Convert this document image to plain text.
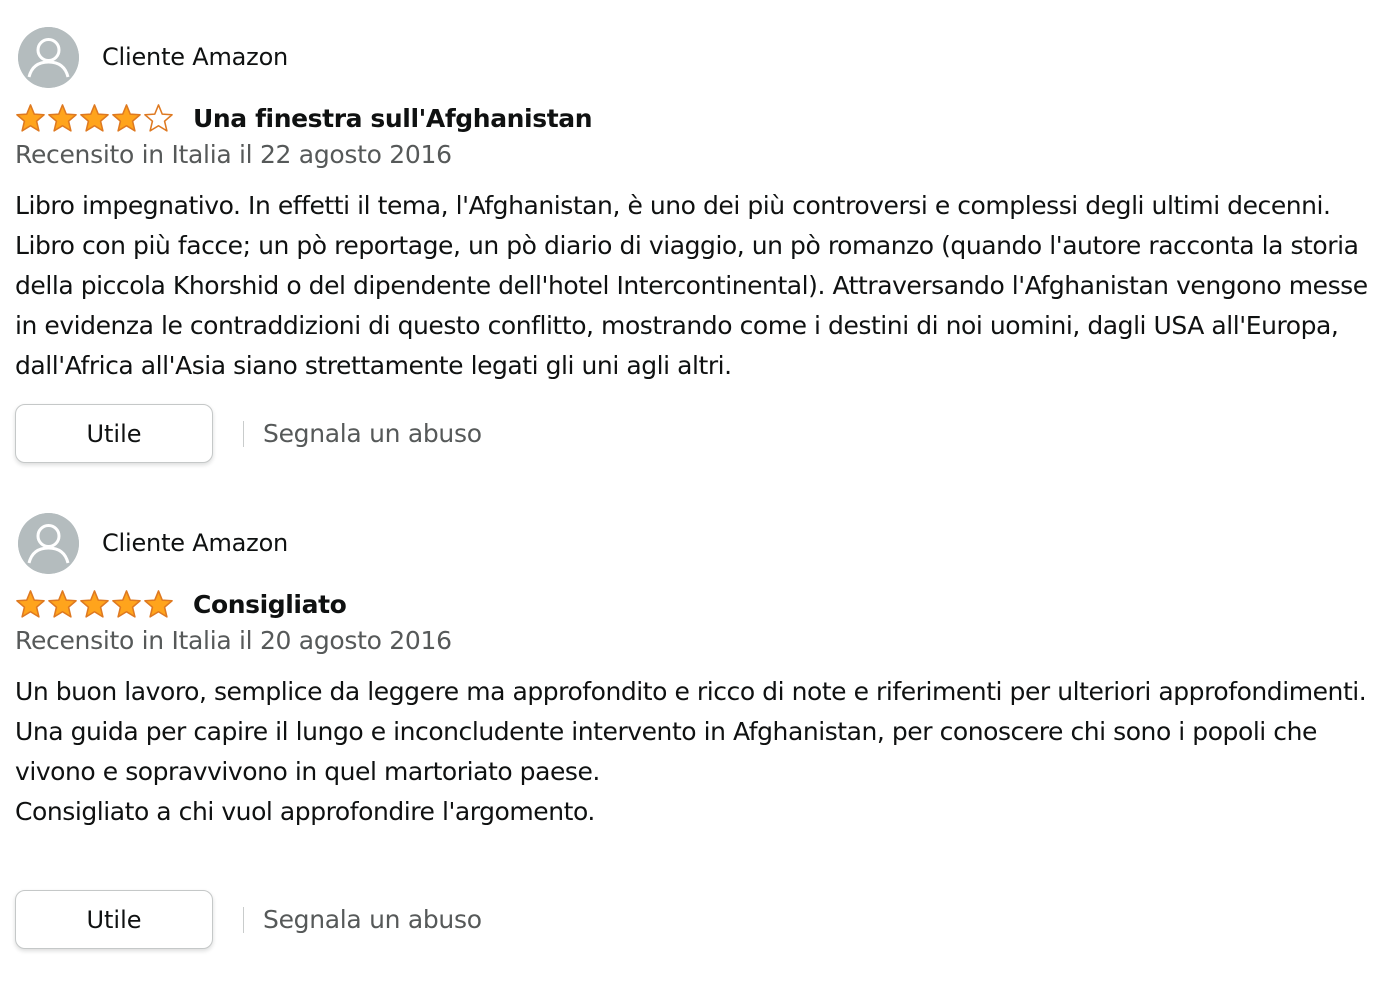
Cliente Amazon
Una finestra sull'Afghanistan
Recensito in Italia il 22 agosto 2016

Libro impegnativo. In effetti il tema, l'Afghanistan, è uno dei più controversi e complessi degli ultimi decenni. Libro con più facce; un pò reportage, un pò diario di viaggio, un pò romanzo (quando l'autore racconta la storia della piccola Khorshid o del dipendente dell'hotel Intercontinental). Attraversando l'Afghanistan vengono messe in evidenza le contraddizioni di questo conflitto, mostrando come i destini di noi uomini, dagli USA all'Europa, dall'Africa all'Asia siano strettamente legati gli uni agli altri.

Utile	Segnala un abuso
Cliente Amazon
Consigliato
Recensito in Italia il 20 agosto 2016

Un buon lavoro, semplice da leggere ma approfondito e ricco di note e riferimenti per ulteriori approfondimenti.

Una guida per capire il lungo e inconcludente intervento in Afghanistan, per conoscere chi sono i popoli che vivono e sopravvivono in quel martoriato paese.

Consigliato a chi vuol approfondire l'argomento.

Utile	Segnala un abuso
